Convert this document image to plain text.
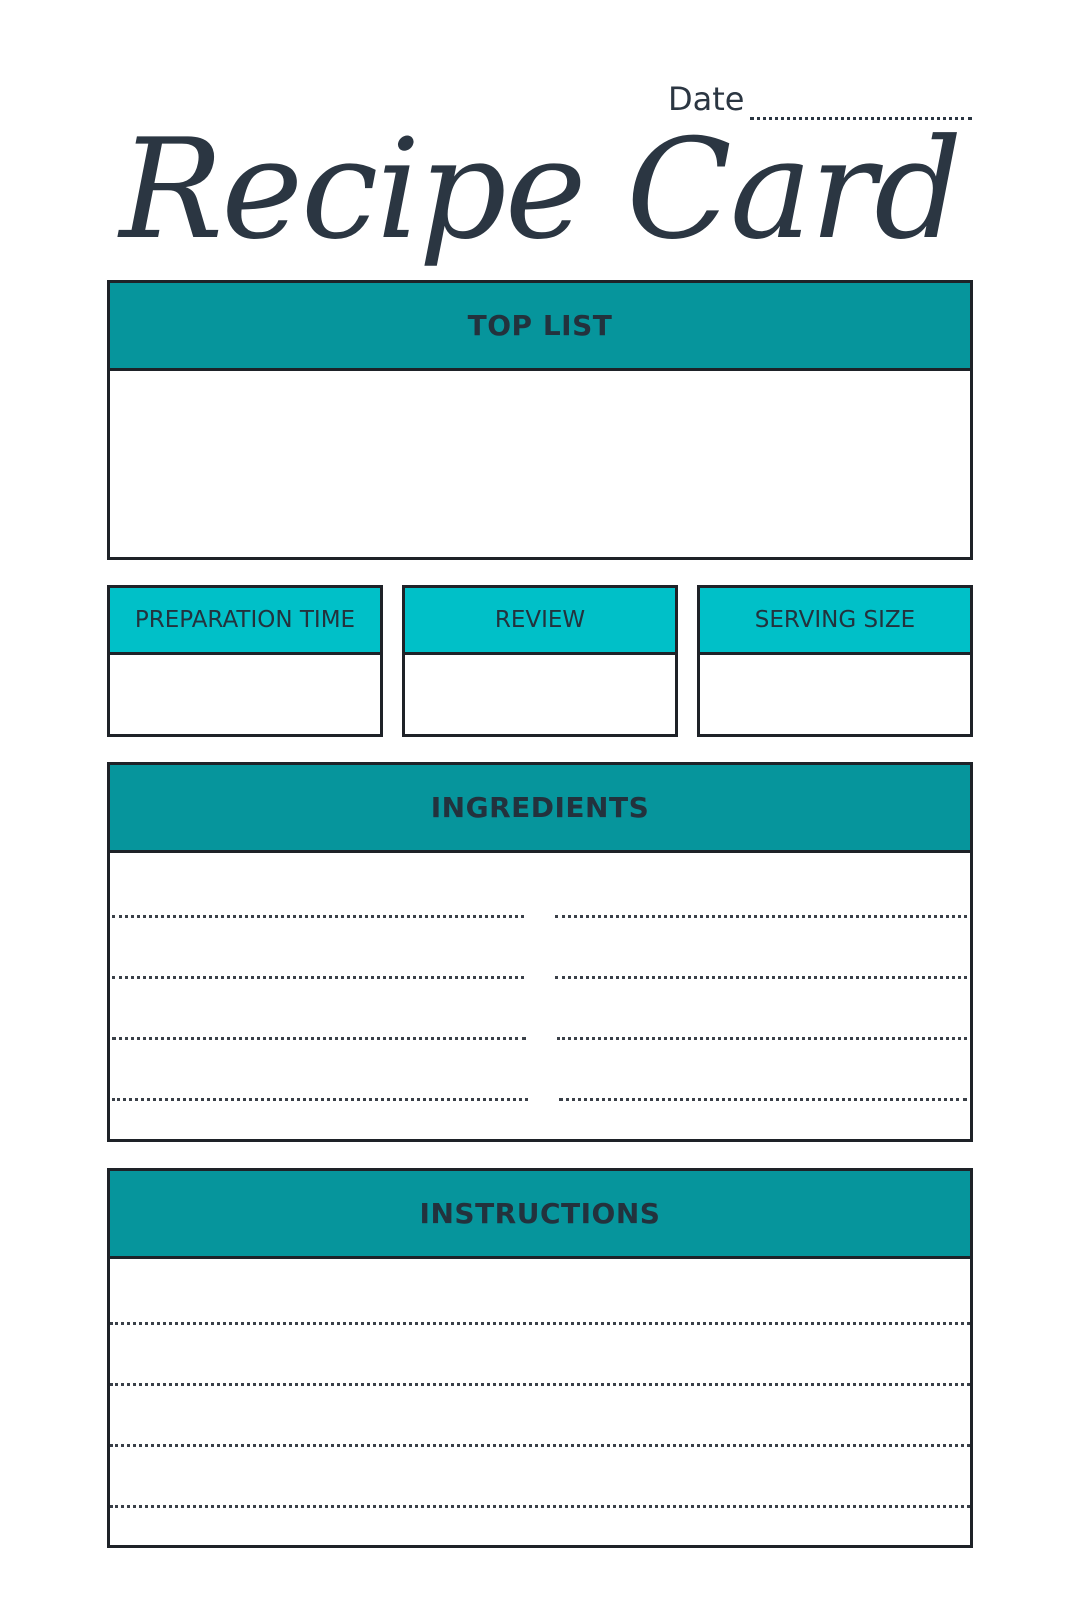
Date
Recipe Card
TOP LIST
PREPARATION TIME	REVIEW	SERVING SIZE
INGREDIENTS
INSTRUCTIONS
